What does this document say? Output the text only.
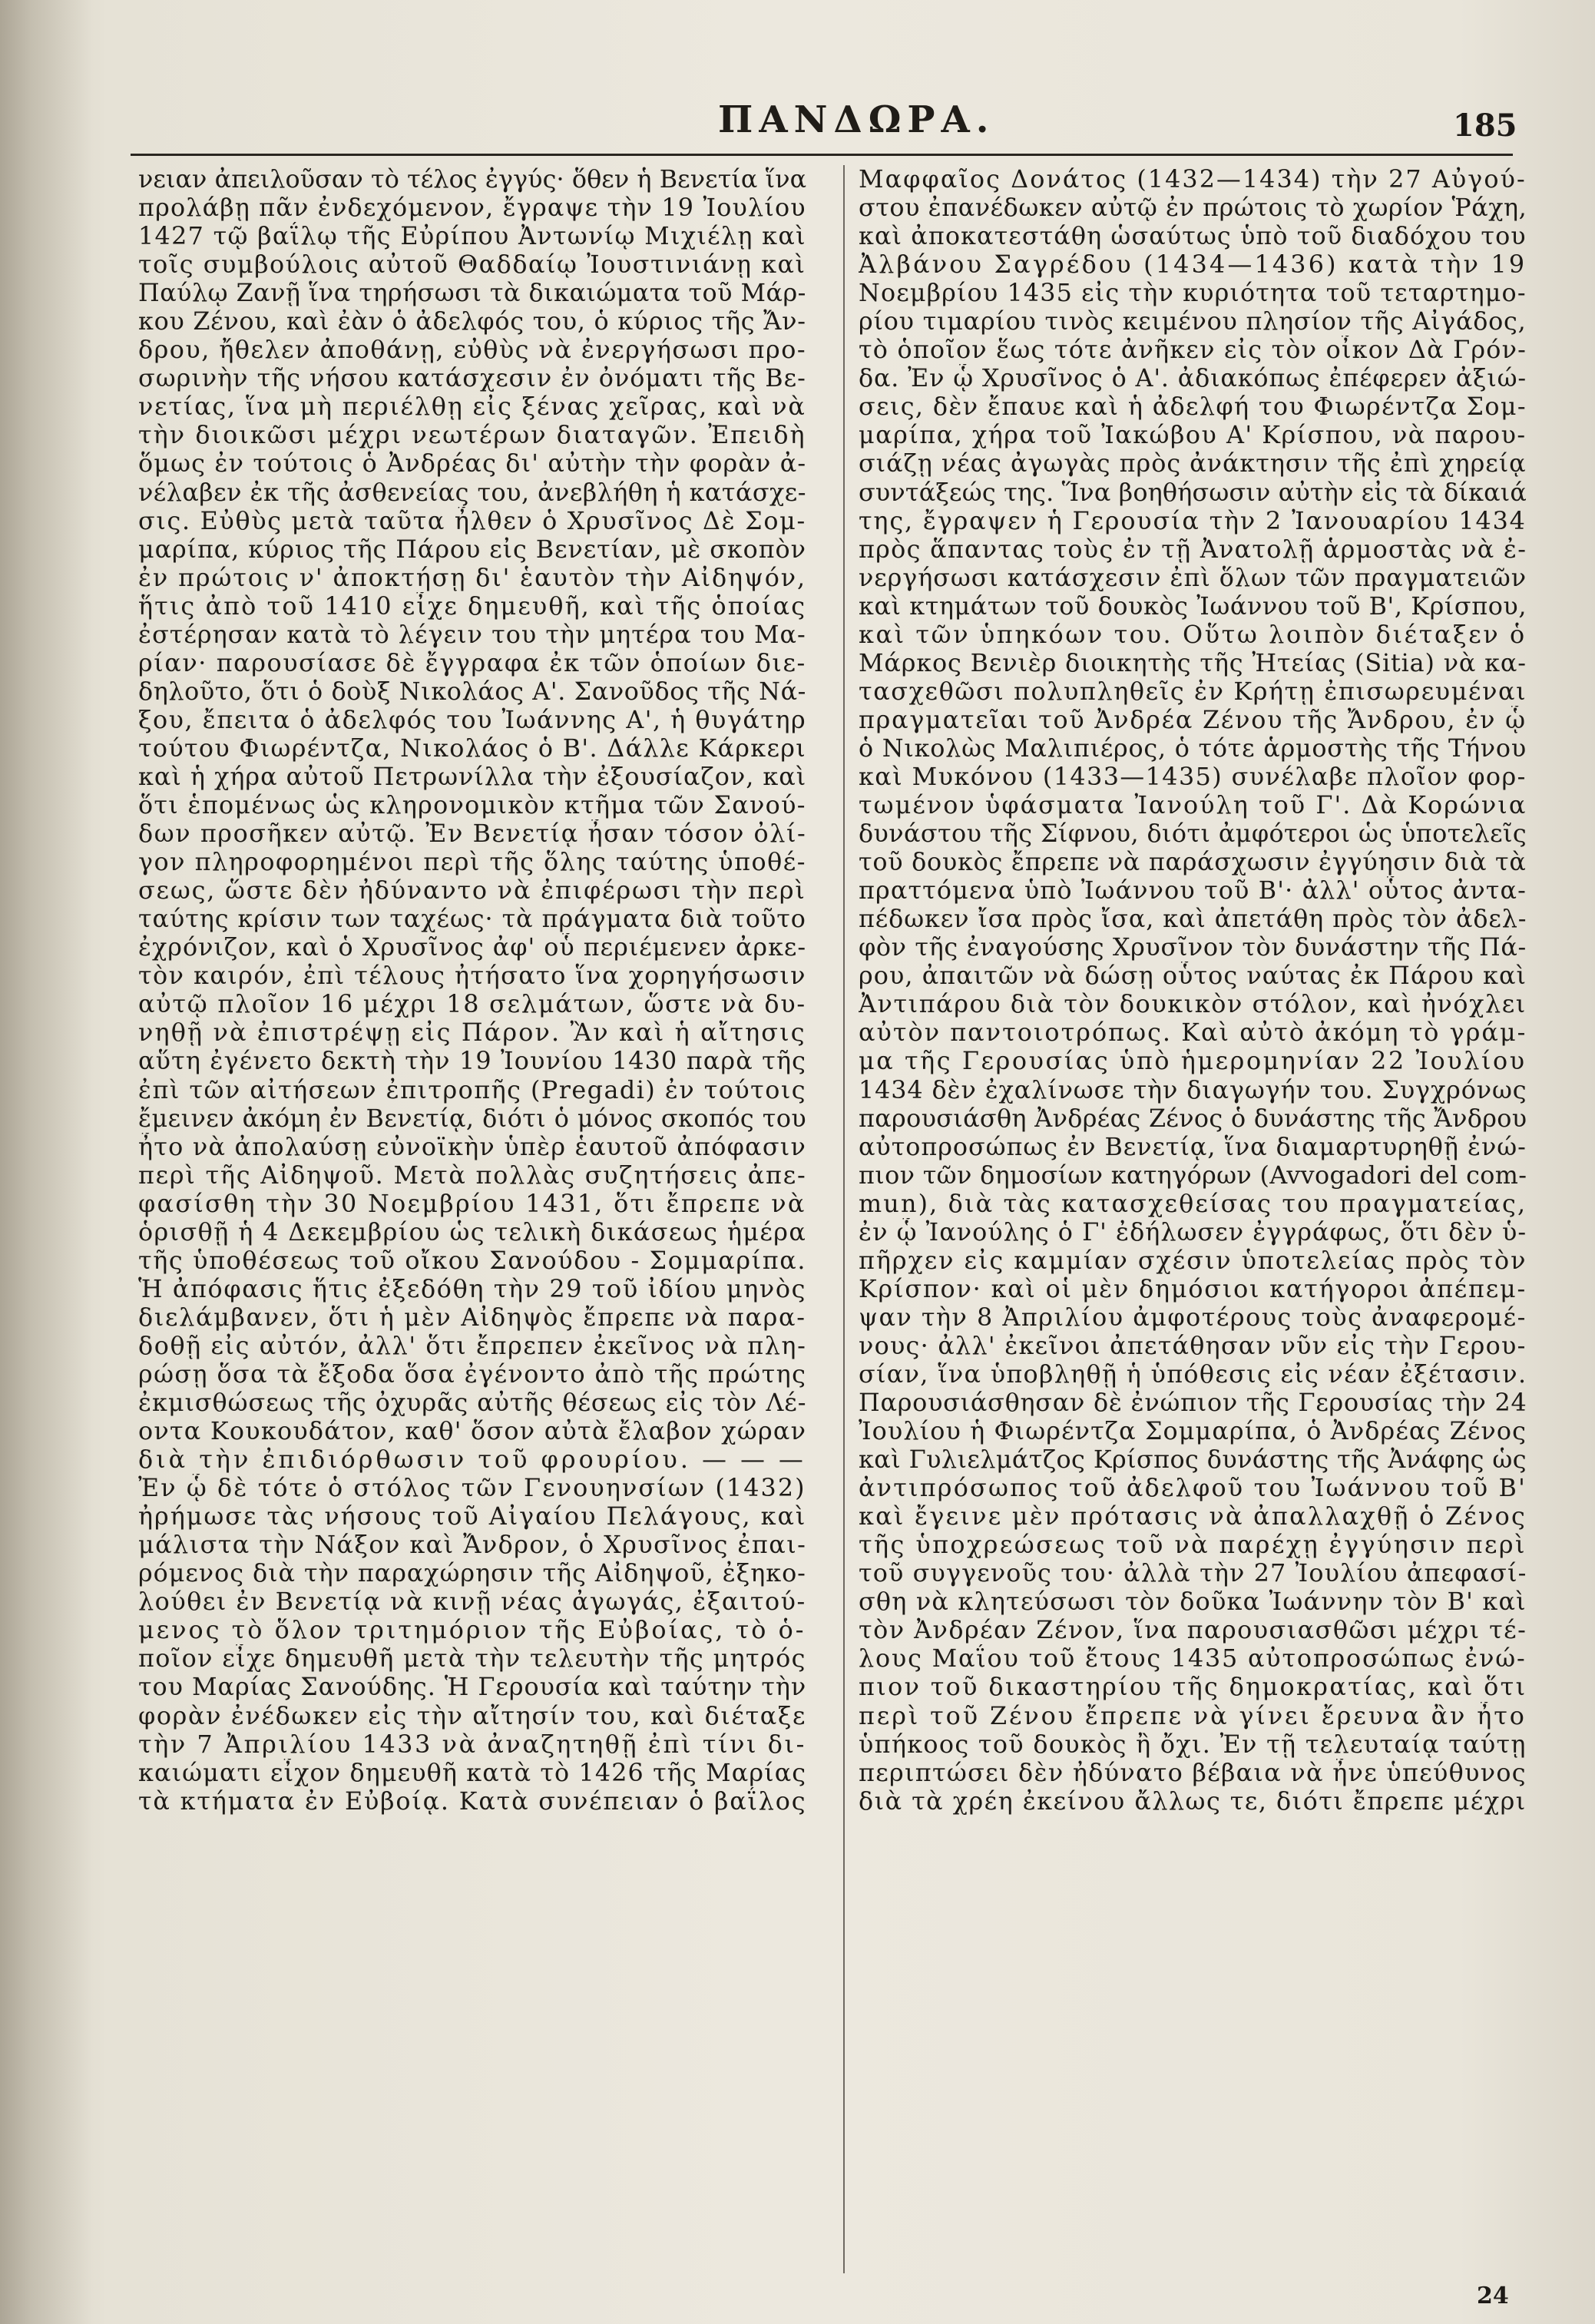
ΠΑΝΔΩΡΑ.	185
νειαν ἀπειλοῦσαν τὸ τέλος ἐγγύς· ὅθεν ἡ Βενετία ἵνα
προλάβῃ πᾶν ἐνδεχόμενον, ἔγραψε τὴν 19 Ἰουλίου
1427 τῷ βαΐλῳ τῆς Εὐρίπου Ἀντωνίῳ Μιχιέλῃ καὶ
τοῖς συμβούλοις αὐτοῦ Θαδδαίῳ Ἰουστινιάνῃ καὶ
Παύλῳ Ζανῇ ἵνα τηρήσωσι τὰ δικαιώματα τοῦ Μάρ-
κου Ζένου, καὶ ἐὰν ὁ ἀδελφός του, ὁ κύριος τῆς Ἄν-
δρου, ἤθελεν ἀποθάνῃ, εὐθὺς νὰ ἐνεργήσωσι προ-
σωρινὴν τῆς νήσου κατάσχεσιν ἐν ὀνόματι τῆς Βε-
νετίας, ἵνα μὴ περιέλθῃ εἰς ξένας χεῖρας, καὶ νὰ
τὴν διοικῶσι μέχρι νεωτέρων διαταγῶν. Ἐπειδὴ
ὅμως ἐν τούτοις ὁ Ἀνδρέας δι' αὐτὴν τὴν φορὰν ἀ-
νέλαβεν ἐκ τῆς ἀσθενείας του, ἀνεβλήθη ἡ κατάσχε-
σις. Εὐθὺς μετὰ ταῦτα ἦλθεν ὁ Χρυσῖνος Δὲ Σομ-
μαρίπα, κύριος τῆς Πάρου εἰς Βενετίαν, μὲ σκοπὸν
ἐν πρώτοις ν' ἀποκτήσῃ δι' ἑαυτὸν τὴν Αἰδηψόν,
ἥτις ἀπὸ τοῦ 1410 εἶχε δημευθῆ, καὶ τῆς ὁποίας
ἐστέρησαν κατὰ τὸ λέγειν του τὴν μητέρα του Μα-
ρίαν· παρουσίασε δὲ ἔγγραφα ἐκ τῶν ὁποίων διε-
δηλοῦτο, ὅτι ὁ δοὺξ Νικολάος Α'. Σανοῦδος τῆς Νά-
ξου, ἔπειτα ὁ ἀδελφός του Ἰωάννης Α', ἡ θυγάτηρ
τούτου Φιωρέντζα, Νικολάος ὁ Β'. Δάλλε Κάρκερι
καὶ ἡ χήρα αὐτοῦ Πετρωνίλλα τὴν ἐξουσίαζον, καὶ
ὅτι ἑπομένως ὡς κληρονομικὸν κτῆμα τῶν Σανού-
δων προσῆκεν αὐτῷ. Ἐν Βενετίᾳ ἦσαν τόσον ὀλί-
γον πληροφορημένοι περὶ τῆς ὅλης ταύτης ὑποθέ-
σεως, ὥστε δὲν ἠδύναντο νὰ ἐπιφέρωσι τὴν περὶ
ταύτης κρίσιν των ταχέως· τὰ πράγματα διὰ τοῦτο
ἐχρόνιζον, καὶ ὁ Χρυσῖνος ἀφ' οὗ περιέμενεν ἀρκε-
τὸν καιρόν, ἐπὶ τέλους ἠτήσατο ἵνα χορηγήσωσιν
αὐτῷ πλοῖον 16 μέχρι 18 σελμάτων, ὥστε νὰ δυ-
νηθῇ νὰ ἐπιστρέψῃ εἰς Πάρον. Ἂν καὶ ἡ αἴτησις
αὕτη ἐγένετο δεκτὴ τὴν 19 Ἰουνίου 1430 παρὰ τῆς
ἐπὶ τῶν αἰτήσεων ἐπιτροπῆς (Pregadi) ἐν τούτοις
ἔμεινεν ἀκόμη ἐν Βενετίᾳ, διότι ὁ μόνος σκοπός του
ἦτο νὰ ἀπολαύσῃ εὐνοϊκὴν ὑπὲρ ἑαυτοῦ ἀπόφασιν
περὶ τῆς Αἰδηψοῦ. Μετὰ πολλὰς συζητήσεις ἀπε-
φασίσθη τὴν 30 Νοεμβρίου 1431, ὅτι ἔπρεπε νὰ
ὁρισθῇ ἡ 4 Δεκεμβρίου ὡς τελικὴ δικάσεως ἡμέρα
τῆς ὑποθέσεως τοῦ οἴκου Σανούδου - Σομμαρίπα.
Ἡ ἀπόφασις ἥτις ἐξεδόθη τὴν 29 τοῦ ἰδίου μηνὸς
διελάμβανεν, ὅτι ἡ μὲν Αἰδηψὸς ἔπρεπε νὰ παρα-
δοθῇ εἰς αὐτόν, ἀλλ' ὅτι ἔπρεπεν ἐκεῖνος νὰ πλη-
ρώσῃ ὅσα τὰ ἔξοδα ὅσα ἐγένοντο ἀπὸ τῆς πρώτης
ἐκμισθώσεως τῆς ὀχυρᾶς αὐτῆς θέσεως εἰς τὸν Λέ-
οντα Κουκουδάτον, καθ' ὅσον αὐτὰ ἔλαβον χώραν
διὰ τὴν ἐπιδιόρθωσιν τοῦ φρουρίου. — — —
Ἐν ᾧ δὲ τότε ὁ στόλος τῶν Γενουηνσίων (1432)
ἠρήμωσε τὰς νήσους τοῦ Αἰγαίου Πελάγους, καὶ
μάλιστα τὴν Νάξον καὶ Ἄνδρον, ὁ Χρυσῖνος ἐπαι-
ρόμενος διὰ τὴν παραχώρησιν τῆς Αἰδηψοῦ, ἐξηκο-
λούθει ἐν Βενετίᾳ νὰ κινῇ νέας ἀγωγάς, ἐξαιτού-
μενος τὸ ὅλον τριτημόριον τῆς Εὐβοίας, τὸ ὁ-
ποῖον εἶχε δημευθῆ μετὰ τὴν τελευτὴν τῆς μητρός
του Μαρίας Σανούδης. Ἡ Γερουσία καὶ ταύτην τὴν
φορὰν ἐνέδωκεν εἰς τὴν αἴτησίν του, καὶ διέταξε
τὴν 7 Ἀπριλίου 1433 νὰ ἀναζητηθῇ ἐπὶ τίνι δι-
καιώματι εἶχον δημευθῆ κατὰ τὸ 1426 τῆς Μαρίας
τὰ κτήματα ἐν Εὐβοίᾳ. Κατὰ συνέπειαν ὁ βαΐλος
Μαφφαῖος Δονάτος (1432—1434) τὴν 27 Αὐγού-
στου ἐπανέδωκεν αὐτῷ ἐν πρώτοις τὸ χωρίον Ῥάχη,
καὶ ἀποκατεστάθη ὡσαύτως ὑπὸ τοῦ διαδόχου του
Ἀλβάνου Σαγρέδου (1434—1436) κατὰ τὴν 19
Νοεμβρίου 1435 εἰς τὴν κυριότητα τοῦ τεταρτημο-
ρίου τιμαρίου τινὸς κειμένου πλησίον τῆς Αἰγάδος,
τὸ ὁποῖον ἕως τότε ἀνῆκεν εἰς τὸν οἶκον Δὰ Γρόν-
δα. Ἐν ᾧ Χρυσῖνος ὁ Α'. ἀδιακόπως ἐπέφερεν ἀξιώ-
σεις, δὲν ἔπαυε καὶ ἡ ἀδελφή του Φιωρέντζα Σομ-
μαρίπα, χήρα τοῦ Ἰακώβου Α' Κρίσπου, νὰ παρου-
σιάζῃ νέας ἀγωγὰς πρὸς ἀνάκτησιν τῆς ἐπὶ χηρείᾳ
συντάξεώς της. Ἵνα βοηθήσωσιν αὐτὴν εἰς τὰ δίκαιά
της, ἔγραψεν ἡ Γερουσία τὴν 2 Ἰανουαρίου 1434
πρὸς ἅπαντας τοὺς ἐν τῇ Ἀνατολῇ ἁρμοστὰς νὰ ἐ-
νεργήσωσι κατάσχεσιν ἐπὶ ὅλων τῶν πραγματειῶν
καὶ κτημάτων τοῦ δουκὸς Ἰωάννου τοῦ Β', Κρίσπου,
καὶ τῶν ὑπηκόων του. Οὕτω λοιπὸν διέταξεν ὁ
Μάρκος Βενιὲρ διοικητὴς τῆς Ἠτείας (Sitia) νὰ κα-
τασχεθῶσι πολυπληθεῖς ἐν Κρήτῃ ἐπισωρευμέναι
πραγματεῖαι τοῦ Ἀνδρέα Ζένου τῆς Ἄνδρου, ἐν ᾧ
ὁ Νικολὼς Μαλιπιέρος, ὁ τότε ἁρμοστὴς τῆς Τήνου
καὶ Μυκόνου (1433—1435) συνέλαβε πλοῖον φορ-
τωμένον ὑφάσματα Ἰανούλη τοῦ Γ'. Δὰ Κορώνια
δυνάστου τῆς Σίφνου, διότι ἀμφότεροι ὡς ὑποτελεῖς
τοῦ δουκὸς ἔπρεπε νὰ παράσχωσιν ἐγγύησιν διὰ τὰ
πραττόμενα ὑπὸ Ἰωάννου τοῦ Β'· ἀλλ' οὗτος ἀντα-
πέδωκεν ἴσα πρὸς ἴσα, καὶ ἀπετάθη πρὸς τὸν ἀδελ-
φὸν τῆς ἐναγούσης Χρυσῖνον τὸν δυνάστην τῆς Πά-
ρου, ἀπαιτῶν νὰ δώσῃ οὗτος ναύτας ἐκ Πάρου καὶ
Ἀντιπάρου διὰ τὸν δουκικὸν στόλον, καὶ ἠνόχλει
αὐτὸν παντοιοτρόπως. Καὶ αὐτὸ ἀκόμη τὸ γράμ-
μα τῆς Γερουσίας ὑπὸ ἡμερομηνίαν 22 Ἰουλίου
1434 δὲν ἐχαλίνωσε τὴν διαγωγήν του. Συγχρόνως
παρουσιάσθη Ἀνδρέας Ζένος ὁ δυνάστης τῆς Ἄνδρου
αὐτοπροσώπως ἐν Βενετίᾳ, ἵνα διαμαρτυρηθῇ ἐνώ-
πιον τῶν δημοσίων κατηγόρων (Avvogadori del com-
mun), διὰ τὰς κατασχεθείσας του πραγματείας,
ἐν ᾧ Ἰανούλης ὁ Γ' ἐδήλωσεν ἐγγράφως, ὅτι δὲν ὑ-
πῆρχεν εἰς καμμίαν σχέσιν ὑποτελείας πρὸς τὸν
Κρίσπον· καὶ οἱ μὲν δημόσιοι κατήγοροι ἀπέπεμ-
ψαν τὴν 8 Ἀπριλίου ἀμφοτέρους τοὺς ἀναφερομέ-
νους· ἀλλ' ἐκεῖνοι ἀπετάθησαν νῦν εἰς τὴν Γερου-
σίαν, ἵνα ὑποβληθῇ ἡ ὑπόθεσις εἰς νέαν ἐξέτασιν.
Παρουσιάσθησαν δὲ ἐνώπιον τῆς Γερουσίας τὴν 24
Ἰουλίου ἡ Φιωρέντζα Σομμαρίπα, ὁ Ἀνδρέας Ζένος
καὶ Γυλιελμάτζος Κρίσπος δυνάστης τῆς Ἀνάφης ὡς
ἀντιπρόσωπος τοῦ ἀδελφοῦ του Ἰωάννου τοῦ Β'
καὶ ἔγεινε μὲν πρότασις νὰ ἀπαλλαχθῇ ὁ Ζένος
τῆς ὑποχρεώσεως τοῦ νὰ παρέχῃ ἐγγύησιν περὶ
τοῦ συγγενοῦς του· ἀλλὰ τὴν 27 Ἰουλίου ἀπεφασί-
σθη νὰ κλητεύσωσι τὸν δοῦκα Ἰωάννην τὸν Β' καὶ
τὸν Ἀνδρέαν Ζένον, ἵνα παρουσιασθῶσι μέχρι τέ-
λους Μαΐου τοῦ ἔτους 1435 αὐτοπροσώπως ἐνώ-
πιον τοῦ δικαστηρίου τῆς δημοκρατίας, καὶ ὅτι
περὶ τοῦ Ζένου ἔπρεπε νὰ γίνει ἔρευνα ἂν ἦτο
ὑπήκοος τοῦ δουκὸς ἢ ὄχι. Ἐν τῇ τελευταίᾳ ταύτῃ
περιπτώσει δὲν ἠδύνατο βέβαια νὰ ἦνε ὑπεύθυνος
διὰ τὰ χρέη ἐκείνου ἄλλως τε, διότι ἔπρεπε μέχρι
24
